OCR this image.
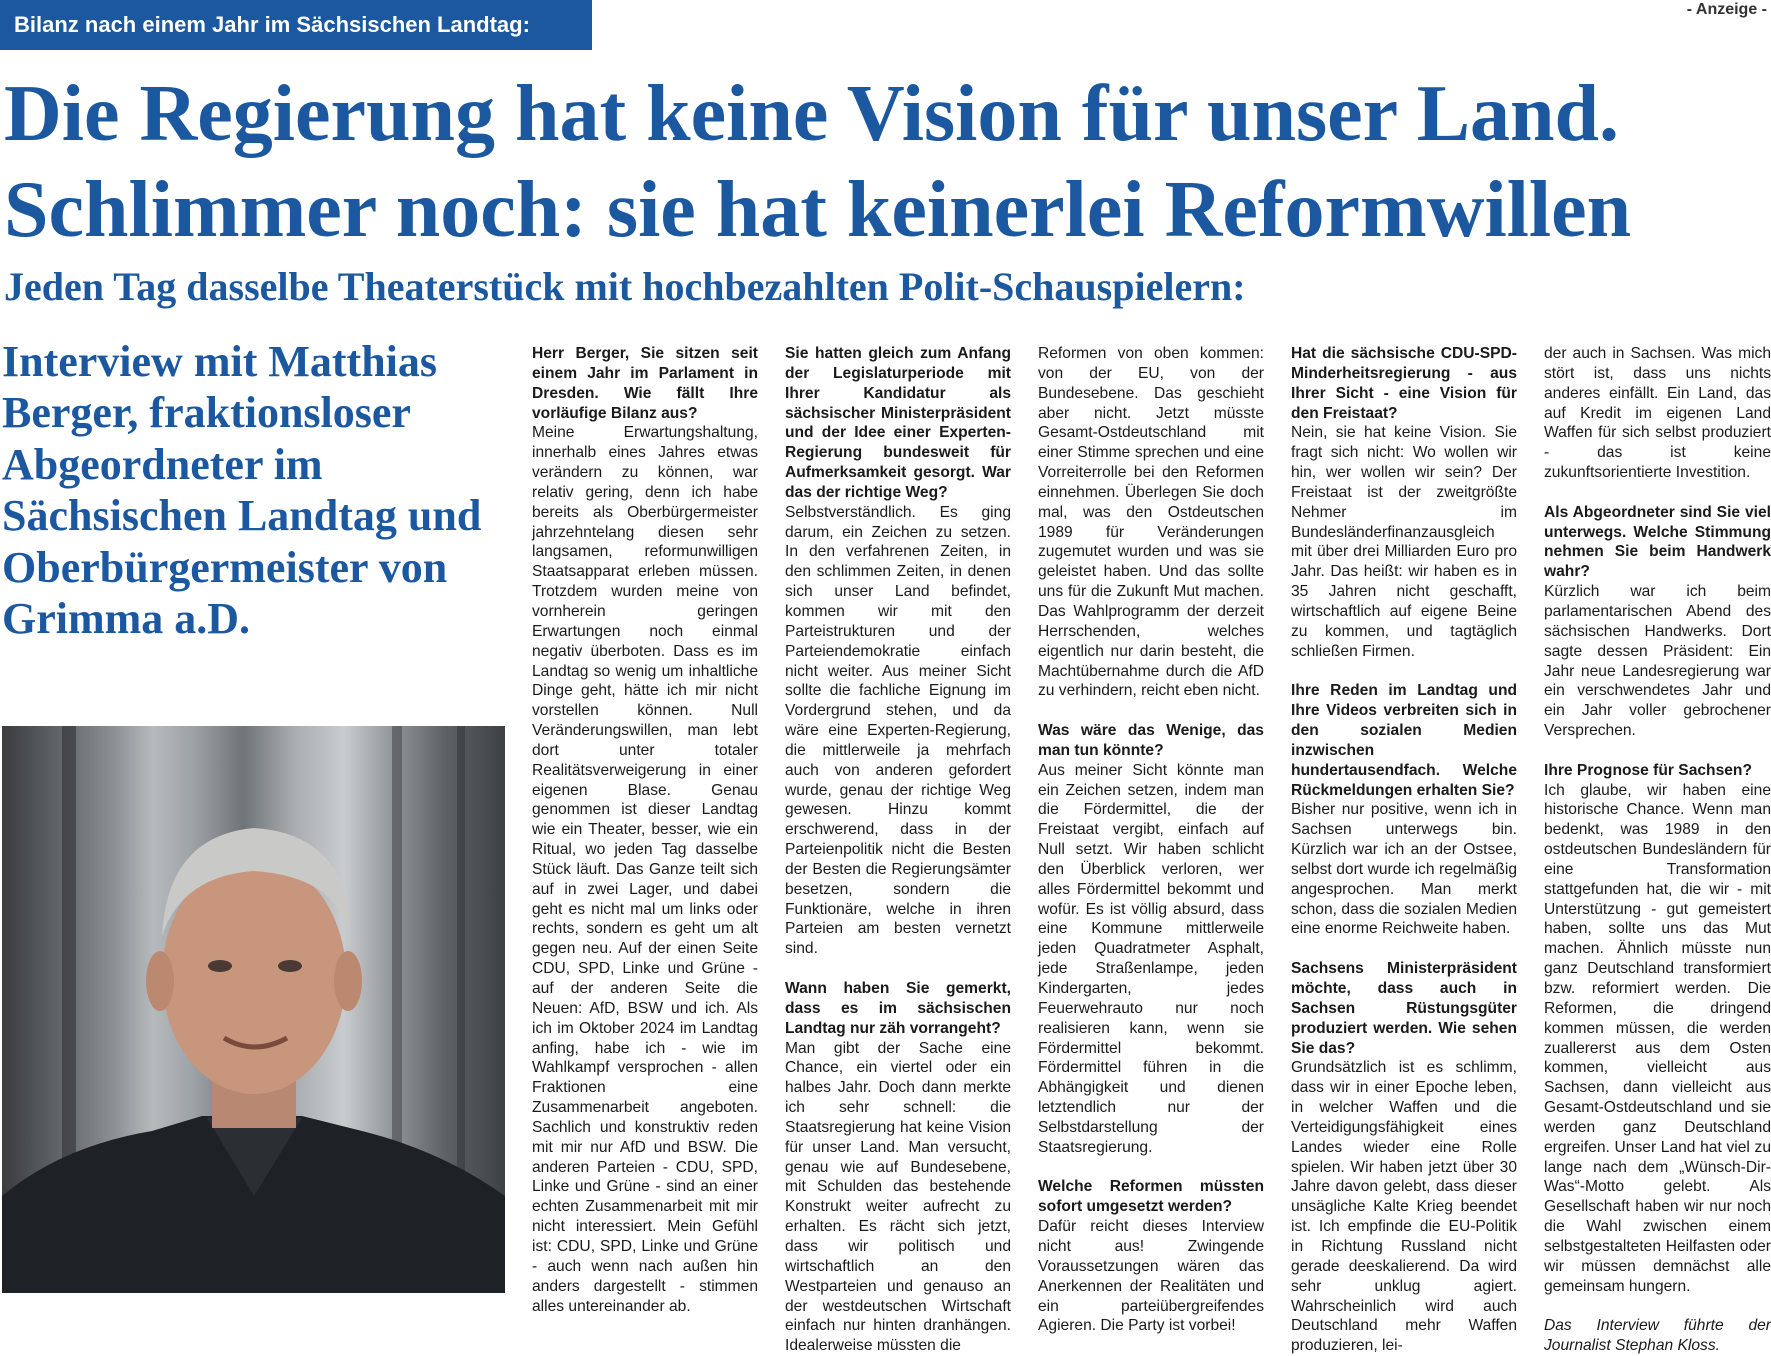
Bilanz nach einem Jahr im Sächsischen Landtag:
- Anzeige -
Die Regierung hat keine Vision für unser Land.
Schlimmer noch: sie hat keinerlei Reformwillen
Jeden Tag dasselbe Theaterstück mit hochbezahlten Polit-Schauspielern:

Interview mit Matthias Berger, fraktionsloser Abgeordneter im Sächsischen Landtag und Oberbürgermeister von Grimma a.D.

Herr Berger, Sie sitzen seit einem Jahr im Parlament in Dresden. Wie fällt Ihre vorläufige Bilanz aus?

Meine Erwartungshaltung, innerhalb eines Jahres etwas verändern zu können, war relativ gering, denn ich habe bereits als Oberbürgermeister jahrzehntelang diesen sehr langsamen, reformunwilligen Staatsapparat erleben müssen. Trotzdem wurden meine von vornherein geringen Erwartungen noch einmal negativ überboten. Dass es im Landtag so wenig um inhaltliche Dinge geht, hätte ich mir nicht vorstellen können. Null Veränderungswillen, man lebt dort unter totaler Realitätsverweigerung in einer eigenen Blase. Genau genommen ist dieser Landtag wie ein Theater, besser, wie ein Ritual, wo jeden Tag dasselbe Stück läuft. Das Ganze teilt sich auf in zwei Lager, und dabei geht es nicht mal um links oder rechts, sondern es geht um alt gegen neu. Auf der einen Seite CDU, SPD, Linke und Grüne - auf der anderen Seite die Neuen: AfD, BSW und ich. Als ich im Oktober 2024 im Landtag anfing, habe ich - wie im Wahlkampf versprochen - allen Fraktionen eine Zusammenarbeit angeboten. Sachlich und konstruktiv reden mit mir nur AfD und BSW. Die anderen Parteien - CDU, SPD, Linke und Grüne - sind an einer echten Zusammenarbeit mit mir nicht interessiert. Mein Gefühl ist: CDU, SPD, Linke und Grüne - auch wenn nach außen hin anders dargestellt - stimmen alles untereinander ab.

Sie hatten gleich zum Anfang der Legislaturperiode mit Ihrer Kandidatur als sächsischer Ministerpräsident und der Idee einer Experten-Regierung bundesweit für Aufmerksamkeit gesorgt. War das der richtige Weg?

Selbstverständlich. Es ging darum, ein Zeichen zu setzen. In den verfahrenen Zeiten, in den schlimmen Zeiten, in denen sich unser Land befindet, kommen wir mit den Parteistrukturen und der Parteiendemokratie einfach nicht weiter. Aus meiner Sicht sollte die fachliche Eignung im Vordergrund stehen, und da wäre eine Experten-Regierung, die mittlerweile ja mehrfach auch von anderen gefordert wurde, genau der richtige Weg gewesen. Hinzu kommt erschwerend, dass in der Parteienpolitik nicht die Besten der Besten die Regierungsämter besetzen, sondern die Funktionäre, welche in ihren Parteien am besten vernetzt sind.

Wann haben Sie gemerkt, dass es im sächsischen Landtag nur zäh vorrangeht?

Man gibt der Sache eine Chance, ein viertel oder ein halbes Jahr. Doch dann merkte ich sehr schnell: die Staatsregierung hat keine Vision für unser Land. Man versucht, genau wie auf Bundesebene, mit Schulden das bestehende Konstrukt weiter aufrecht zu erhalten. Es rächt sich jetzt, dass wir politisch und wirtschaftlich an den Westparteien und genauso an der westdeutschen Wirtschaft einfach nur hinten dranhängen. Idealerweise müssten die

Reformen von oben kommen: von der EU, von der Bundesebene. Das geschieht aber nicht. Jetzt müsste Gesamt-Ostdeutschland mit einer Stimme sprechen und eine Vorreiterrolle bei den Reformen einnehmen. Überlegen Sie doch mal, was den Ostdeutschen 1989 für Veränderungen zugemutet wurden und was sie geleistet haben. Und das sollte uns für die Zukunft Mut machen. Das Wahlprogramm der derzeit Herrschenden, welches eigentlich nur darin besteht, die Machtübernahme durch die AfD zu verhindern, reicht eben nicht.

Was wäre das Wenige, das man tun könnte?

Aus meiner Sicht könnte man ein Zeichen setzen, indem man die Fördermittel, die der Freistaat vergibt, einfach auf Null setzt. Wir haben schlicht den Überblick verloren, wer alles Fördermittel bekommt und wofür. Es ist völlig absurd, dass eine Kommune mittlerweile jeden Quadratmeter Asphalt, jede Straßenlampe, jeden Kindergarten, jedes Feuerwehrauto nur noch realisieren kann, wenn sie Fördermittel bekommt. Fördermittel führen in die Abhängigkeit und dienen letztendlich nur der Selbstdarstellung der Staatsregierung.

Welche Reformen müssten sofort umgesetzt werden?

Dafür reicht dieses Interview nicht aus! Zwingende Voraussetzungen wären das Anerkennen der Realitäten und ein parteiübergreifendes Agieren. Die Party ist vorbei!

Hat die sächsische CDU-SPD-Minderheitsregierung - aus Ihrer Sicht - eine Vision für den Freistaat?

Nein, sie hat keine Vision. Sie fragt sich nicht: Wo wollen wir hin, wer wollen wir sein? Der Freistaat ist der zweitgrößte Nehmer im Bundesländerfinanzausgleich mit über drei Milliarden Euro pro Jahr. Das heißt: wir haben es in 35 Jahren nicht geschafft, wirtschaftlich auf eigene Beine zu kommen, und tagtäglich schließen Firmen.

Ihre Reden im Landtag und Ihre Videos verbreiten sich in den sozialen Medien inzwischen hundertausendfach. Welche Rückmeldungen erhalten Sie?

Bisher nur positive, wenn ich in Sachsen unterwegs bin. Kürzlich war ich an der Ostsee, selbst dort wurde ich regelmäßig angesprochen. Man merkt schon, dass die sozialen Medien eine enorme Reichweite haben.

Sachsens Ministerpräsident möchte, dass auch in Sachsen Rüstungsgüter produziert werden. Wie sehen Sie das?

Grundsätzlich ist es schlimm, dass wir in einer Epoche leben, in welcher Waffen und die Verteidigungsfähigkeit eines Landes wieder eine Rolle spielen. Wir haben jetzt über 30 Jahre davon gelebt, dass dieser unsägliche Kalte Krieg beendet ist. Ich empfinde die EU-Politik in Richtung Russland nicht gerade deeskalierend. Da wird sehr unklug agiert. Wahrscheinlich wird auch Deutschland mehr Waffen produzieren, lei-

der auch in Sachsen. Was mich stört ist, dass uns nichts anderes einfällt. Ein Land, das auf Kredit im eigenen Land Waffen für sich selbst produziert - das ist keine zukunftsorientierte Investition.

Als Abgeordneter sind Sie viel unterwegs. Welche Stimmung nehmen Sie beim Handwerk wahr?

Kürzlich war ich beim parlamentarischen Abend des sächsischen Handwerks. Dort sagte dessen Präsident: Ein Jahr neue Landesregierung war ein verschwendetes Jahr und ein Jahr voller gebrochener Versprechen.

Ihre Prognose für Sachsen?

Ich glaube, wir haben eine historische Chance. Wenn man bedenkt, was 1989 in den ostdeutschen Bundesländern für eine Transformation stattgefunden hat, die wir - mit Unterstützung - gut gemeistert haben, sollte uns das Mut machen. Ähnlich müsste nun ganz Deutschland transformiert bzw. reformiert werden. Die Reformen, die dringend kommen müssen, die werden zuallererst aus dem Osten kommen, vielleicht aus Sachsen, dann vielleicht aus Gesamt-Ostdeutschland und sie werden ganz Deutschland ergreifen. Unser Land hat viel zu lange nach dem „Wünsch-Dir-Was“-Motto gelebt. Als Gesellschaft haben wir nur noch die Wahl zwischen einem selbstgestalteten Heilfasten oder wir müssen demnächst alle gemeinsam hungern.

Das Interview führte der Journalist Stephan Kloss.
